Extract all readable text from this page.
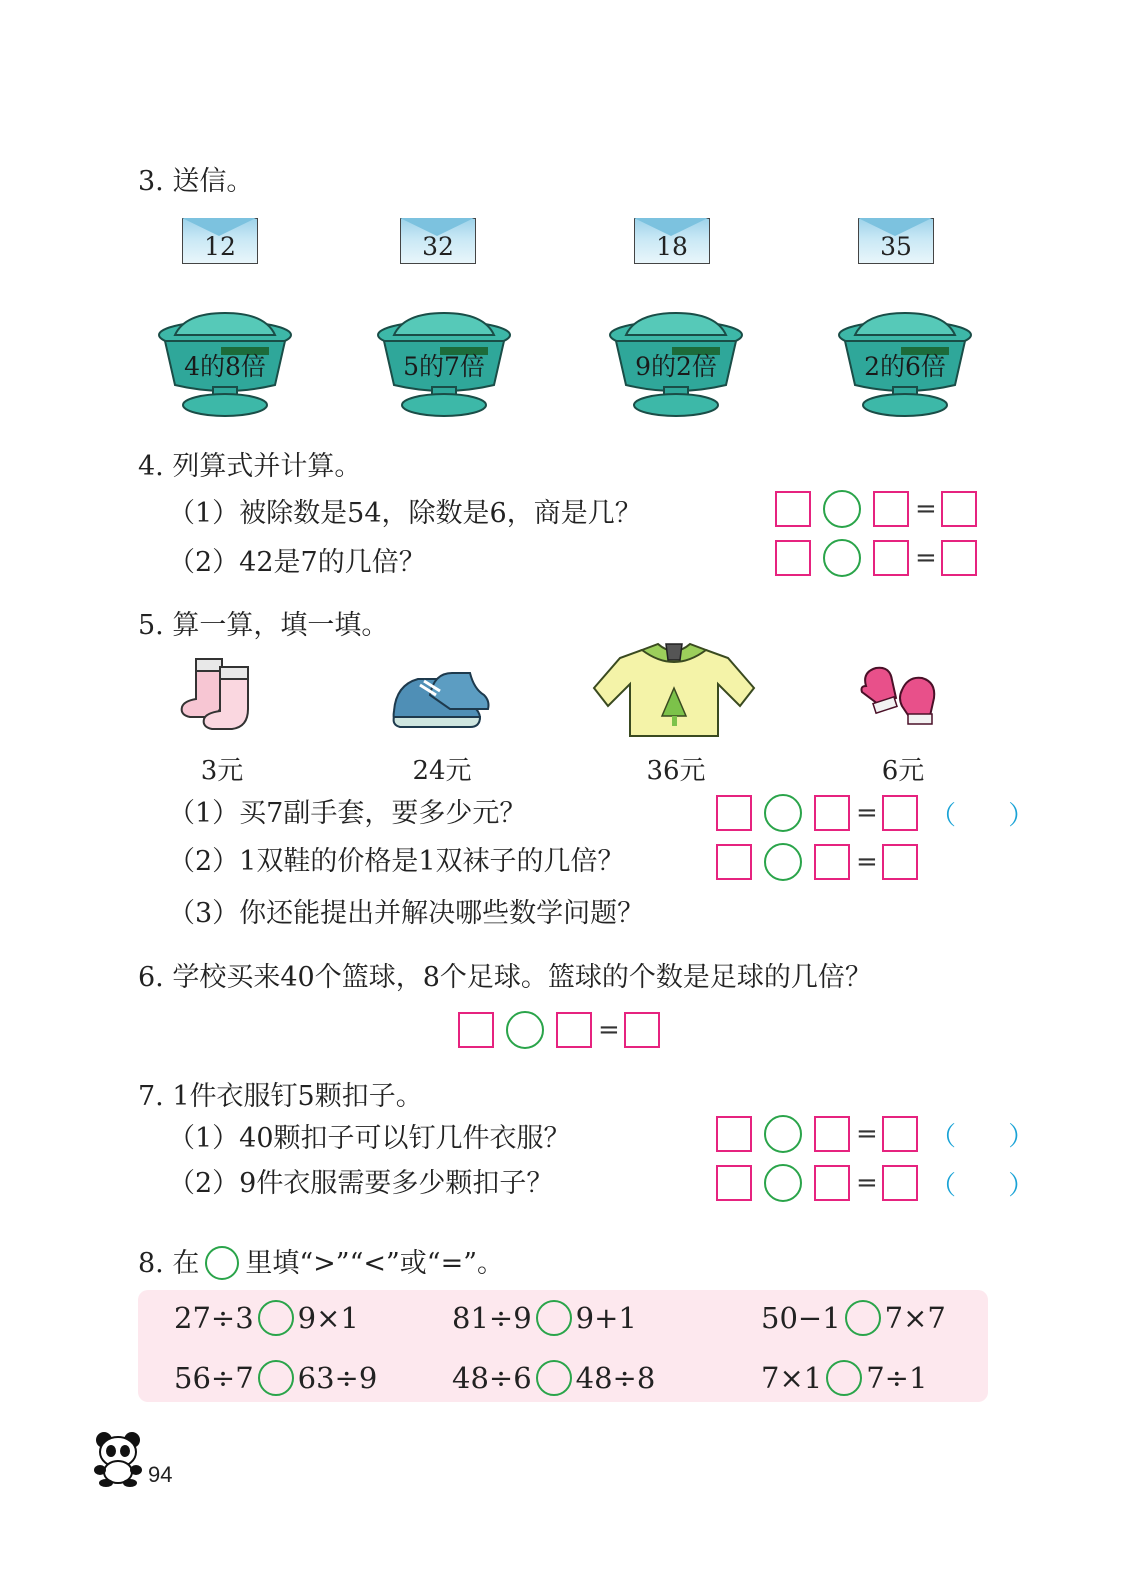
3. 送信。
12	32	18	35
4的8倍	5的7倍	9的2倍	2的6倍
4. 列算式并计算。
（1）被除数是54，除数是6，商是几？
（2）42是7的几倍？
=
=
5. 算一算，填一填。
3元	24元	36元	6元
（1）买7副手套，要多少元？
（2）1双鞋的价格是1双袜子的几倍？
（3）你还能提出并解决哪些数学问题？
= （ ）
=
6. 学校买来40个篮球，8个足球。篮球的个数是足球的几倍？
=
7. 1件衣服钉5颗扣子。
（1）40颗扣子可以钉几件衣服？
（2）9件衣服需要多少颗扣子？
= （ ）
= （ ）
8. 在 里填“>”“<”或“=”。
27÷3 9×1	81÷9 9+1	50−1 7×7
56÷7 63÷9	48÷6 48÷8	7×1 7÷1
94
